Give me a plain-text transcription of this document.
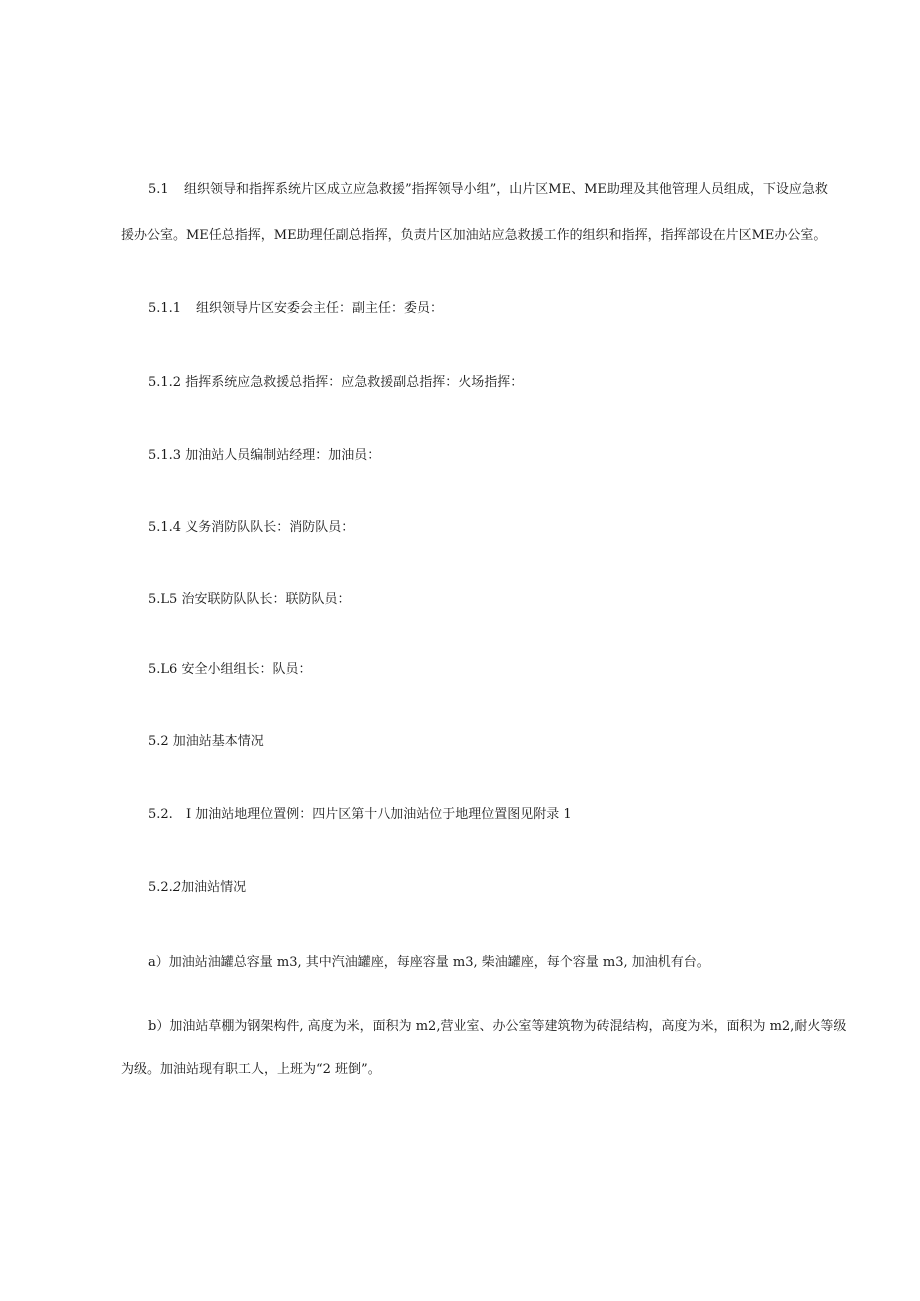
5.1 组织领导和指挥系统片区成立应急救援”指挥领导小组”，山片区ME、ME助理及其他管理人员组成，下设应急救
援办公室。ME任总指挥，ME助理任副总指挥，负责片区加油站应急救援工作的组织和指挥，指挥部设在片区ME办公室。
5.1.1 组织领导片区安委会主任：副主任：委员：
5.1.2 指挥系统应急救援总指挥：应急救援副总指挥：火场指挥：
5.1.3 加油站人员编制站经理：加油员：
5.1.4 义务消防队队长：消防队员：
5.L5 治安联防队队长：联防队员：
5.L6 安全小组组长：队员：
5.2 加油站基本情况
5.2. I 加油站地理位置例：四片区第十八加油站位于地理位置图见附录 1
5.2.2加油站情况
a）加油站油罐总容量 m3, 其中汽油罐座，每座容量 m3, 柴油罐座，每个容量 m3, 加油机有台。
b）加油站草棚为钢架构件, 高度为米，面积为 m2,营业室、办公室等建筑物为砖混结构，高度为米，面积为 m2,耐火等级
为级。加油站现有职工人，上班为“2 班倒”。
